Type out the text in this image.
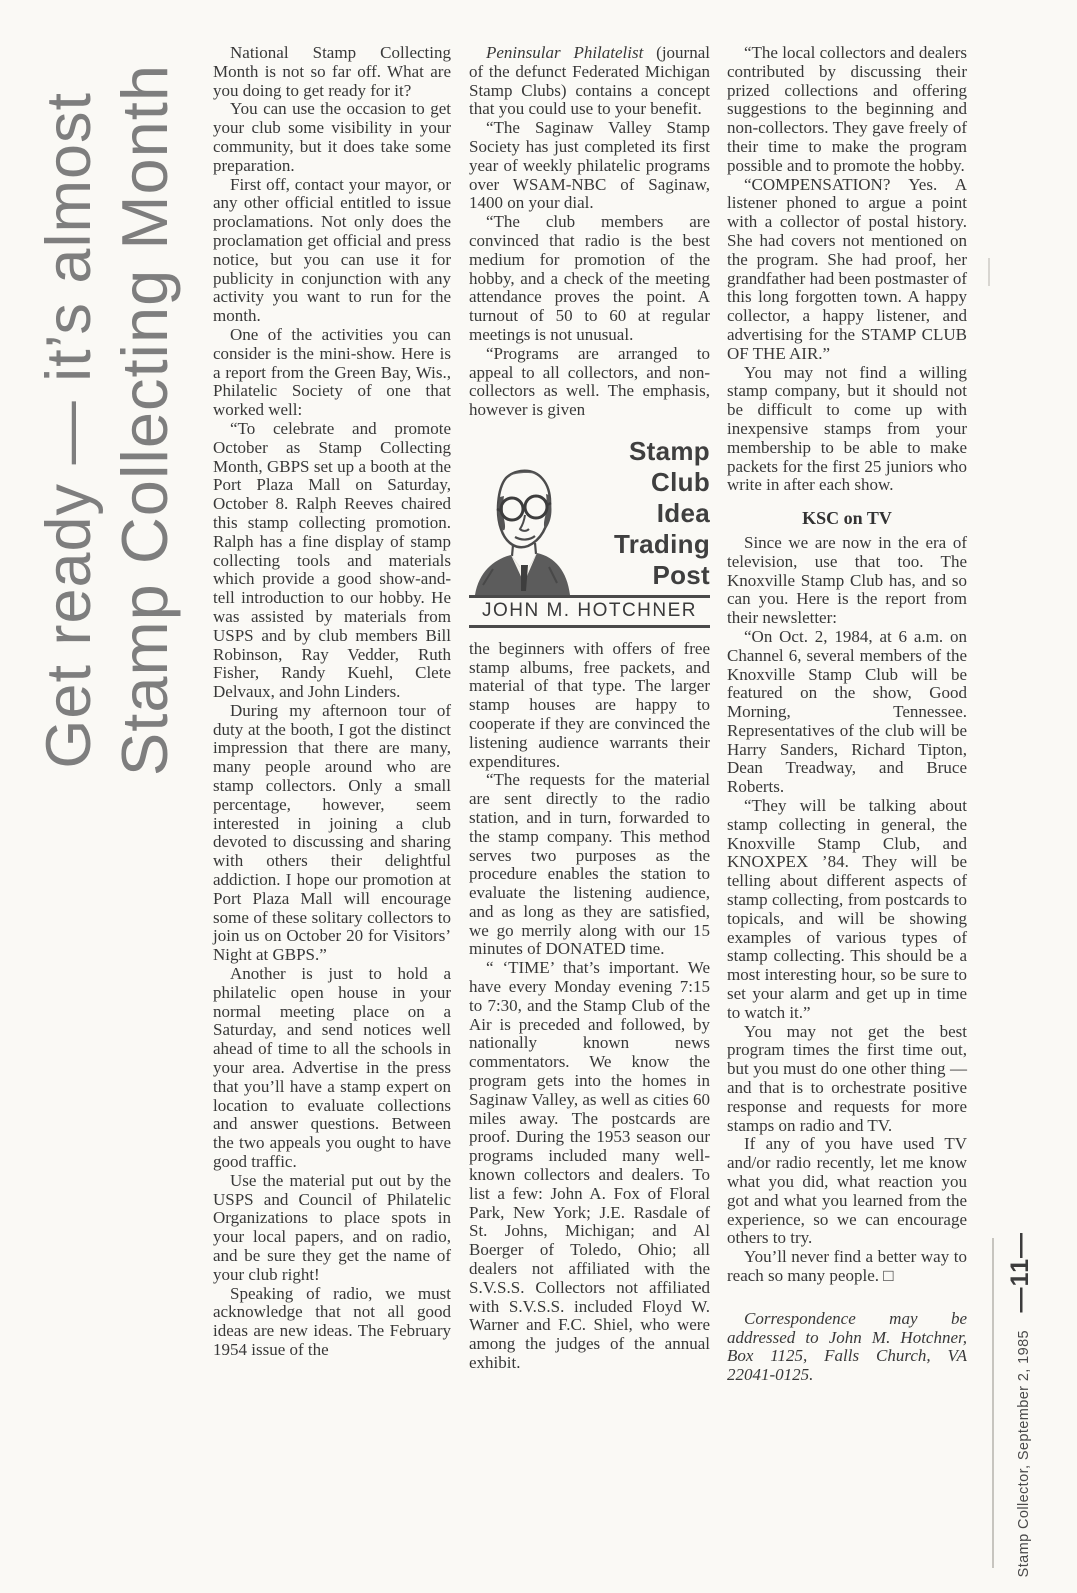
Get ready — it’s almost Stamp Collecting Month

National Stamp Collecting Month is not so far off. What are you doing to get ready for it?

You can use the occasion to get your club some visibility in your community, but it does take some preparation.

First off, contact your mayor, or any other official entitled to issue proclamations. Not only does the proclamation get official and press notice, but you can use it for publicity in conjunction with any activity you want to run for the month.

One of the activities you can consider is the mini-show. Here is a report from the Green Bay, Wis., Philatelic Society of one that worked well:

“To celebrate and promote October as Stamp Collecting Month, GBPS set up a booth at the Port Plaza Mall on Saturday, October 8. Ralph Reeves chaired this stamp collecting promotion. Ralph has a fine display of stamp collecting tools and materials which provide a good show-and-tell introduction to our hobby. He was assisted by materials from USPS and by club members Bill Robinson, Ray Vedder, Ruth Fisher, Randy Kuehl, Clete Delvaux, and John Linders.

During my afternoon tour of duty at the booth, I got the distinct impression that there are many, many people around who are stamp collectors. Only a small percentage, however, seem interested in joining a club devoted to discussing and sharing with others their delightful addiction. I hope our promotion at Port Plaza Mall will encourage some of these solitary collectors to join us on October 20 for Visitors’ Night at GBPS.”

Another is just to hold a philatelic open house in your normal meeting place on a Saturday, and send notices well ahead of time to all the schools in your area. Advertise in the press that you’ll have a stamp expert on location to evaluate collections and answer questions. Between the two appeals you ought to have good traffic.

Use the material put out by the USPS and Council of Philatelic Organizations to place spots in your local papers, and on radio, and be sure they get the name of your club right!

Speaking of radio, we must acknowledge that not all good ideas are new ideas. The February 1954 issue of the

Peninsular Philatelist (journal of the defunct Federated Michigan Stamp Clubs) contains a concept that you could use to your benefit.

“The Saginaw Valley Stamp Society has just completed its first year of weekly philatelic programs over WSAM-NBC of Saginaw, 1400 on your dial.

“The club members are convinced that radio is the best medium for promotion of the hobby, and a check of the meeting attendance proves the point. A turnout of 50 to 60 at regular meetings is not unusual.

“Programs are arranged to appeal to all collectors, and non-collectors as well. The emphasis, however is given

Stamp Club
Idea
Trading
Post
JOHN M. HOTCHNER

the beginners with offers of free stamp albums, free packets, and material of that type. The larger stamp houses are happy to cooperate if they are convinced the listening audience warrants their expenditures.

“The requests for the material are sent directly to the radio station, and in turn, forwarded to the stamp company. This method serves two purposes as the procedure enables the station to evaluate the listening audience, and as long as they are satisfied, we go merrily along with our 15 minutes of DONATED time.

“ ‘TIME’ that’s important. We have every Monday evening 7:15 to 7:30, and the Stamp Club of the Air is preceded and followed, by nationally known news commentators. We know the program gets into the homes in Saginaw Valley, as well as cities 60 miles away. The postcards are proof. During the 1953 season our programs included many well-known collectors and dealers. To list a few: John A. Fox of Floral Park, New York; J.E. Rasdale of St. Johns, Michigan; and Al Boerger of Toledo, Ohio; all dealers not affiliated with the S.V.S.S. Collectors not affiliated with S.V.S.S. included Floyd W. Warner and F.C. Shiel, who were among the judges of the annual exhibit.

“The local collectors and dealers contributed by discussing their prized collections and offering suggestions to the beginning and non-collectors. They gave freely of their time to make the program possible and to promote the hobby.

“COMPENSATION? Yes. A listener phoned to argue a point with a collector of postal history. She had covers not mentioned on the program. She had proof, her grandfather had been postmaster of this long forgotten town. A happy collector, a happy listener, and advertising for the STAMP CLUB OF THE AIR.”

You may not find a willing stamp company, but it should not be difficult to come up with inexpensive stamps from your membership to be able to make packets for the first 25 juniors who write in after each show.

KSC on TV

Since we are now in the era of television, use that too. The Knoxville Stamp Club has, and so can you. Here is the report from their newsletter:

“On Oct. 2, 1984, at 6 a.m. on Channel 6, several members of the Knoxville Stamp Club will be featured on the show, Good Morning, Tennessee. Representatives of the club will be Harry Sanders, Richard Tipton, Dean Treadway, and Bruce Roberts.

“They will be talking about stamp collecting in general, the Knoxville Stamp Club, and KNOXPEX ’84. They will be telling about different aspects of stamp collecting, from postcards to topicals, and will be showing examples of various types of stamp collecting. This should be a most interesting hour, so be sure to set your alarm and get up in time to watch it.”

You may not get the best program times the first time out, but you must do one other thing — and that is to orchestrate positive response and requests for more stamps on radio and TV.

If any of you have used TV and/or radio recently, let me know what you did, what reaction you got and what you learned from the experience, so we can encourage others to try.

You’ll never find a better way to reach so many people. □

Correspondence may be addressed to John M. Hotchner, Box 1125, Falls Church, VA 22041-0125.	Stamp Collector, September 2, 1985
—11—
